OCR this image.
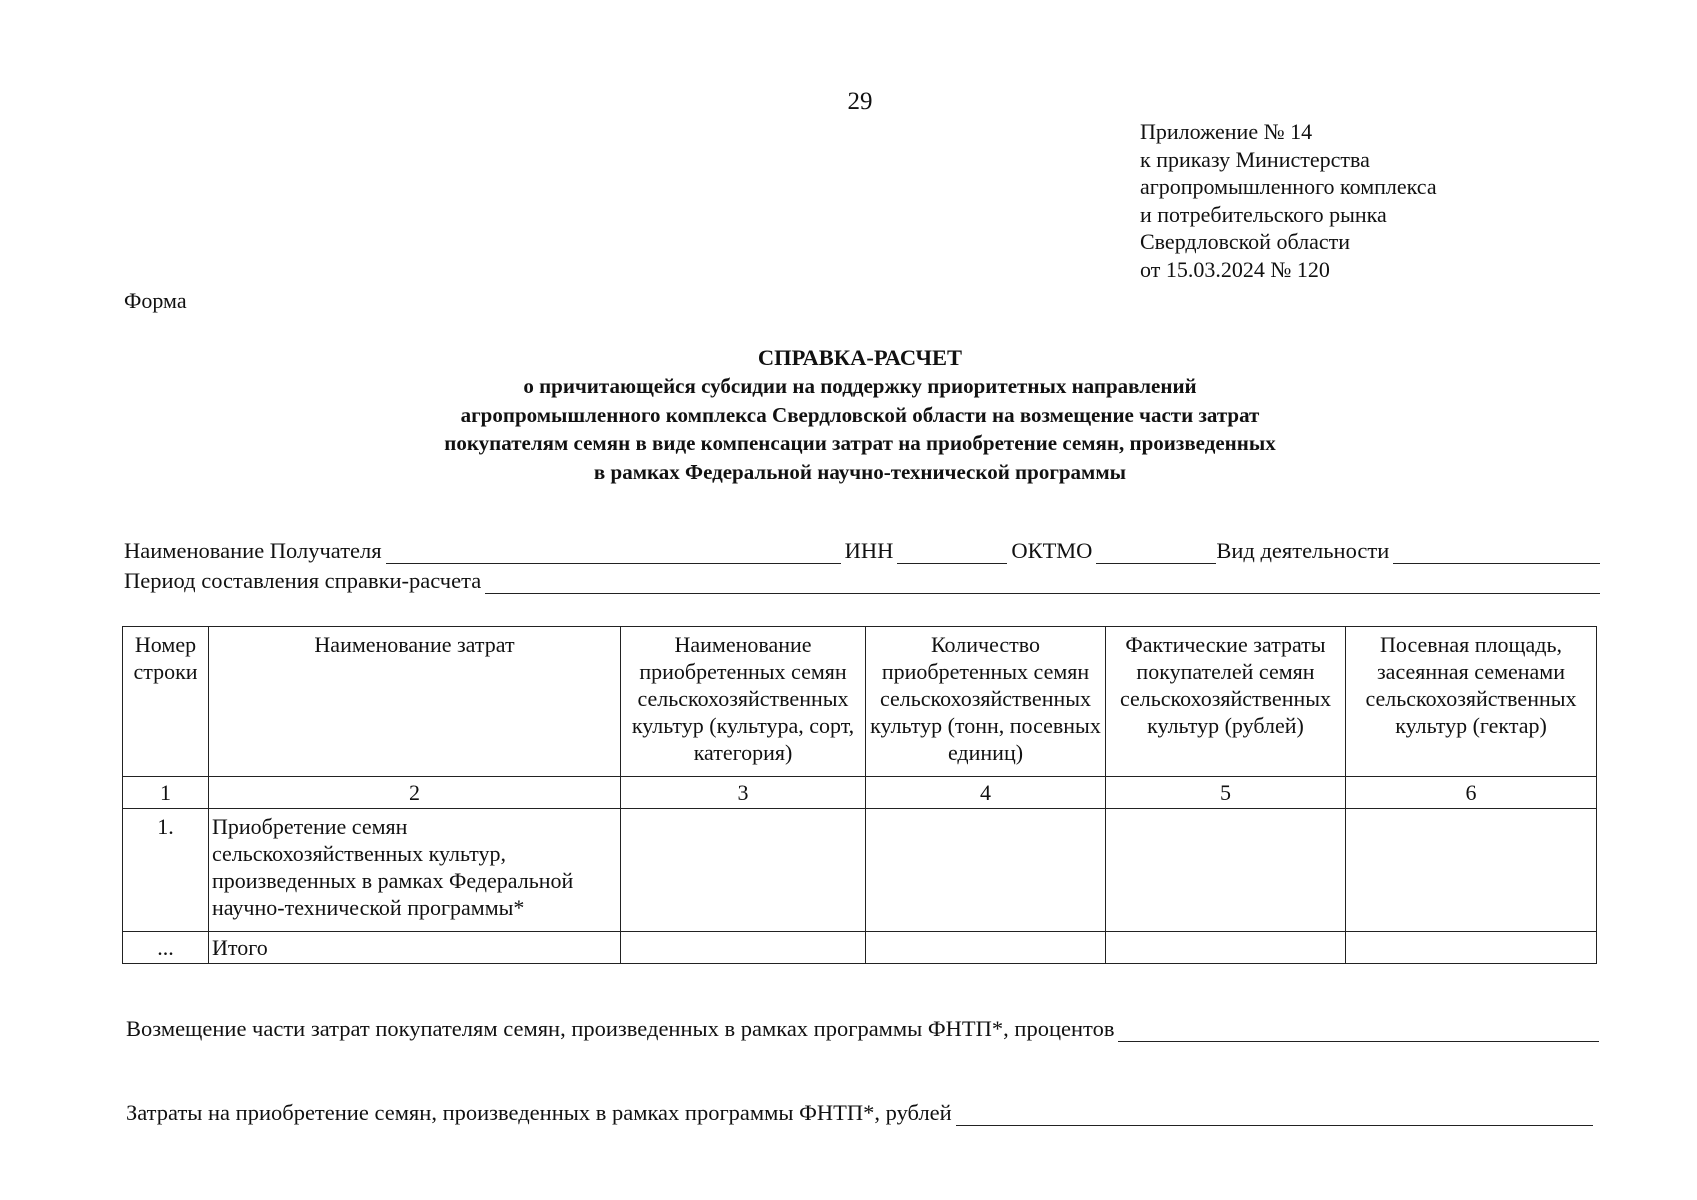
29
Приложение № 14
к приказу Министерства
агропромышленного комплекса
и потребительского рынка
Свердловской области
от 15.03.2024 № 120
Форма
СПРАВКА-РАСЧЕТ
о причитающейся субсидии на поддержку приоритетных направлений
агропромышленного комплекса Свердловской области на возмещение части затрат
покупателям семян в виде компенсации затрат на приобретение семян, произведенных
в рамках Федеральной научно-технической программы
Наименование Получателя	ИНН	ОКТМО	Вид деятельности
Период составления справки-расчета
Номер строки	Наименование затрат	Наименование приобретенных семян сельскохозяйственных культур (культура, сорт, категория)	Количество приобретенных семян сельскохозяйственных культур (тонн, посевных единиц)	Фактические затраты покупателей семян сельскохозяйственных культур (рублей)	Посевная площадь, засеянная семенами сельскохозяйственных культур (гектар)
1	2	3	4	5	6
1.	Приобретение семян сельскохозяйственных культур, произведенных в рамках Федеральной научно-технической программы*				
...	Итого				
Возмещение части затрат покупателям семян, произведенных в рамках программы ФНТП*, процентов
Затраты на приобретение семян, произведенных в рамках программы ФНТП*, рублей
